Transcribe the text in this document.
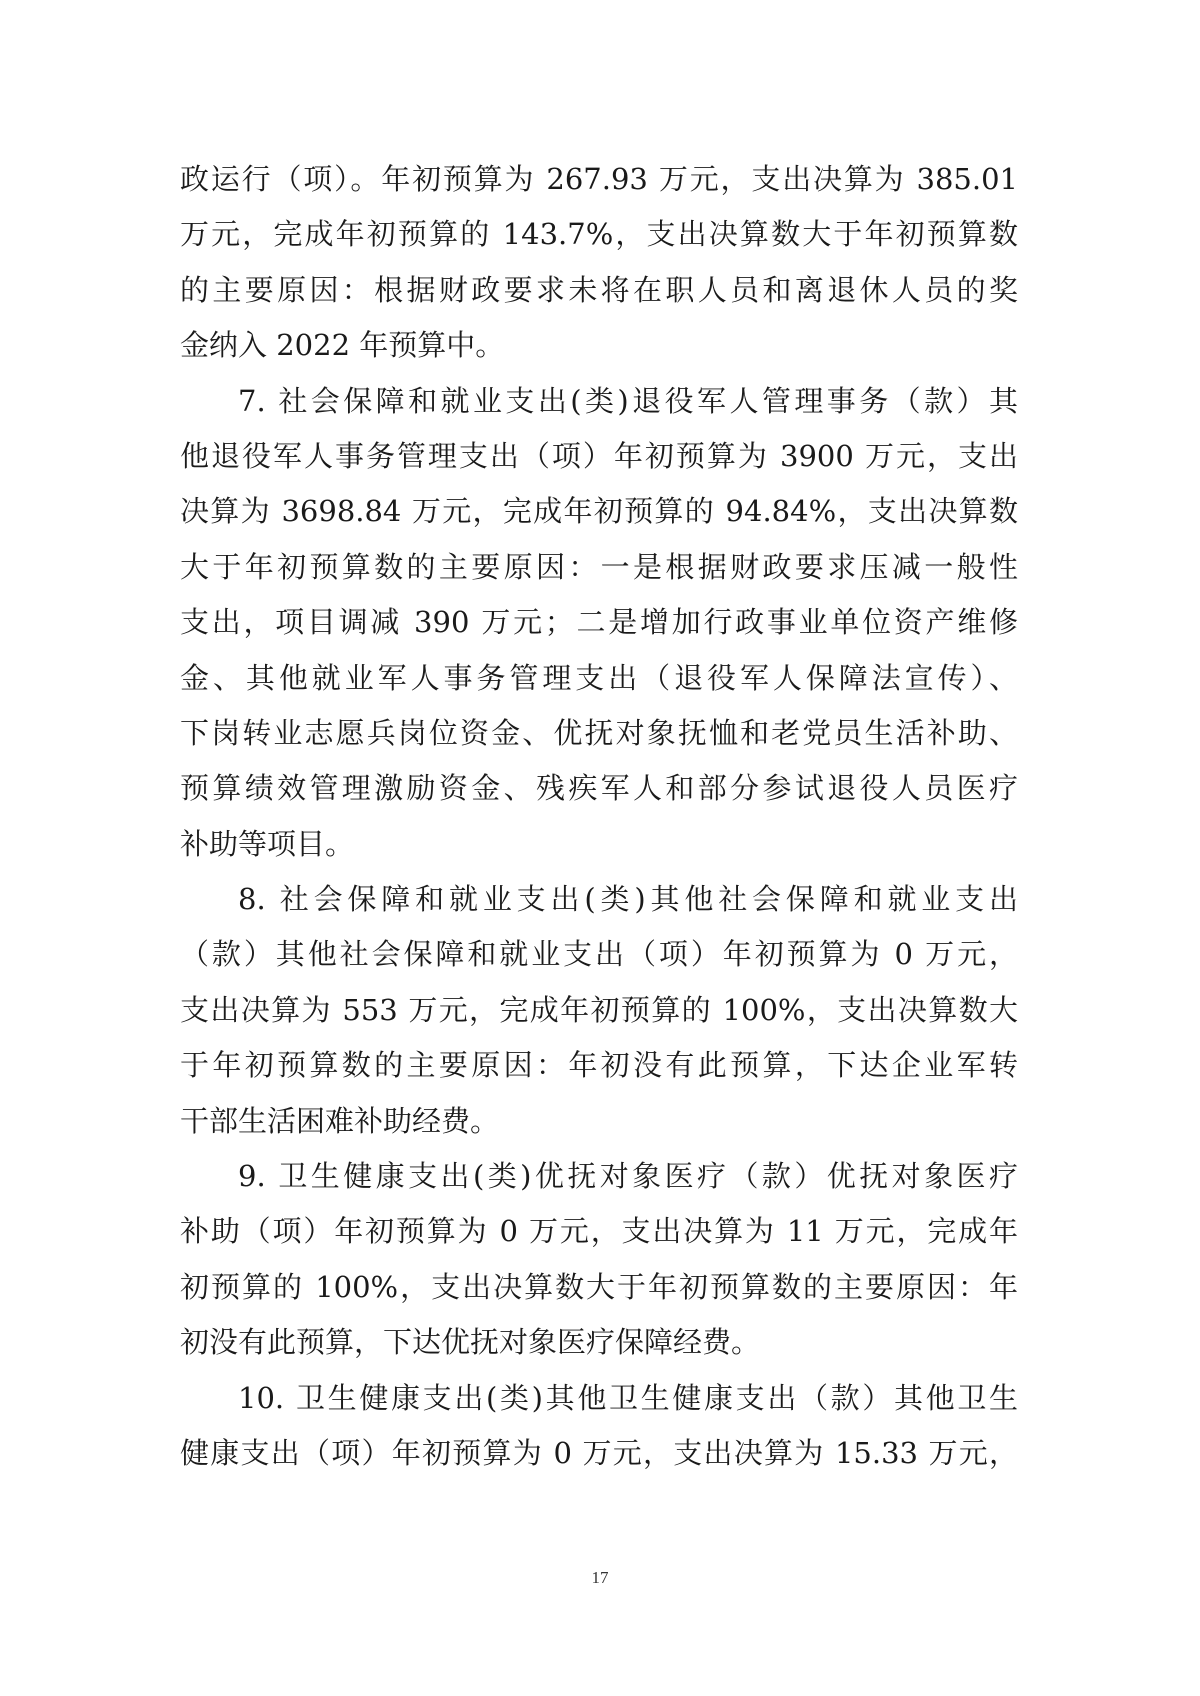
政运行（项）。年初预算为 267.93 万元，支出决算为 385.01
万元，完成年初预算的 143.7%，支出决算数大于年初预算数
的主要原因：根据财政要求未将在职人员和离退休人员的奖
金纳入 2022 年预算中。
7. 社会保障和就业支出(类)退役军人管理事务（款）其
他退役军人事务管理支出（项）年初预算为 3900 万元，支出
决算为 3698.84 万元，完成年初预算的 94.84%，支出决算数
大于年初预算数的主要原因：一是根据财政要求压减一般性
支出，项目调减 390 万元；二是增加行政事业单位资产维修
金、其他就业军人事务管理支出（退役军人保障法宣传）、
下岗转业志愿兵岗位资金、优抚对象抚恤和老党员生活补助、
预算绩效管理激励资金、残疾军人和部分参试退役人员医疗
补助等项目。
8. 社会保障和就业支出(类)其他社会保障和就业支出
（款）其他社会保障和就业支出（项）年初预算为 0 万元，
支出决算为 553 万元，完成年初预算的 100%，支出决算数大
于年初预算数的主要原因：年初没有此预算，下达企业军转
干部生活困难补助经费。
9. 卫生健康支出(类)优抚对象医疗（款）优抚对象医疗
补助（项）年初预算为 0 万元，支出决算为 11 万元，完成年
初预算的 100%，支出决算数大于年初预算数的主要原因：年
初没有此预算，下达优抚对象医疗保障经费。
10. 卫生健康支出(类)其他卫生健康支出（款）其他卫生
健康支出（项）年初预算为 0 万元，支出决算为 15.33 万元，
17
